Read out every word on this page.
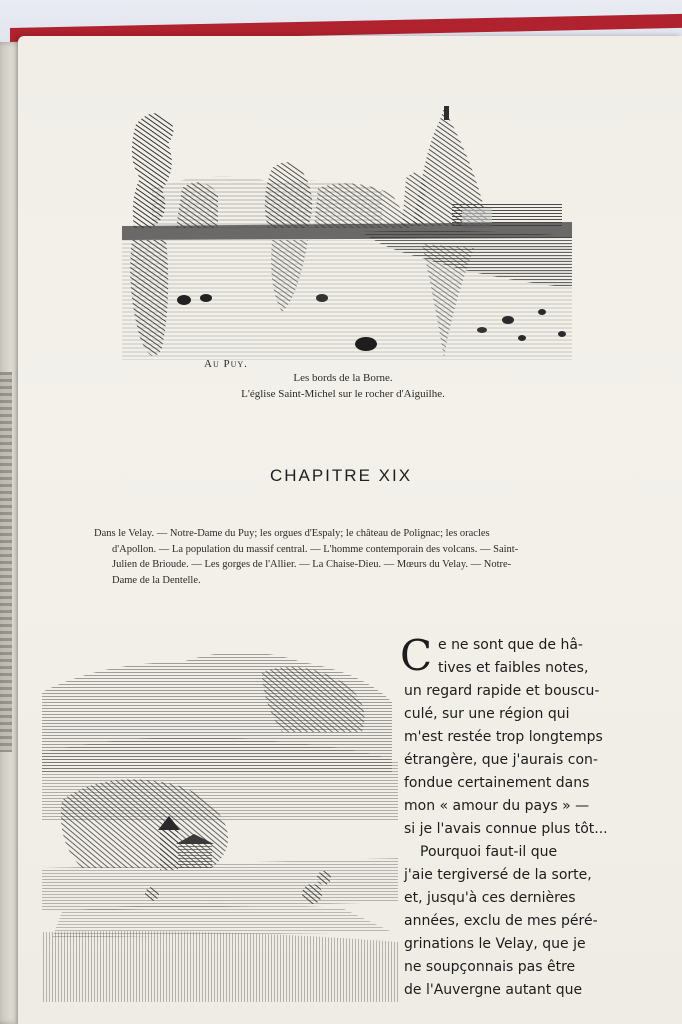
Au Puy.
Les bords de la Borne.
L'église Saint-Michel sur le rocher d'Aiguilhe.
CHAPITRE XIX
Dans le Velay. — Notre-Dame du Puy; les orgues d'Espaly; le château de Polignac; les oracles
d'Apollon. — La population du massif central. — L'homme contemporain des volcans. — Saint-
Julien de Brioude. — Les gorges de l'Allier. — La Chaise-Dieu. — Mœurs du Velay. — Notre-
Dame de la Dentelle.
C e ne sont que de hâ-
tives et faibles notes,
un regard rapide et bouscu-
culé, sur une région qui
m'est restée trop longtemps
étrangère, que j'aurais con-
fondue certainement dans
mon « amour du pays » —
si je l'avais connue plus tôt...
Pourquoi faut-il que
j'aie tergiversé de la sorte,
et, jusqu'à ces dernières
années, exclu de mes péré-
grinations le Velay, que je
ne soupçonnais pas être
de l'Auvergne autant que
